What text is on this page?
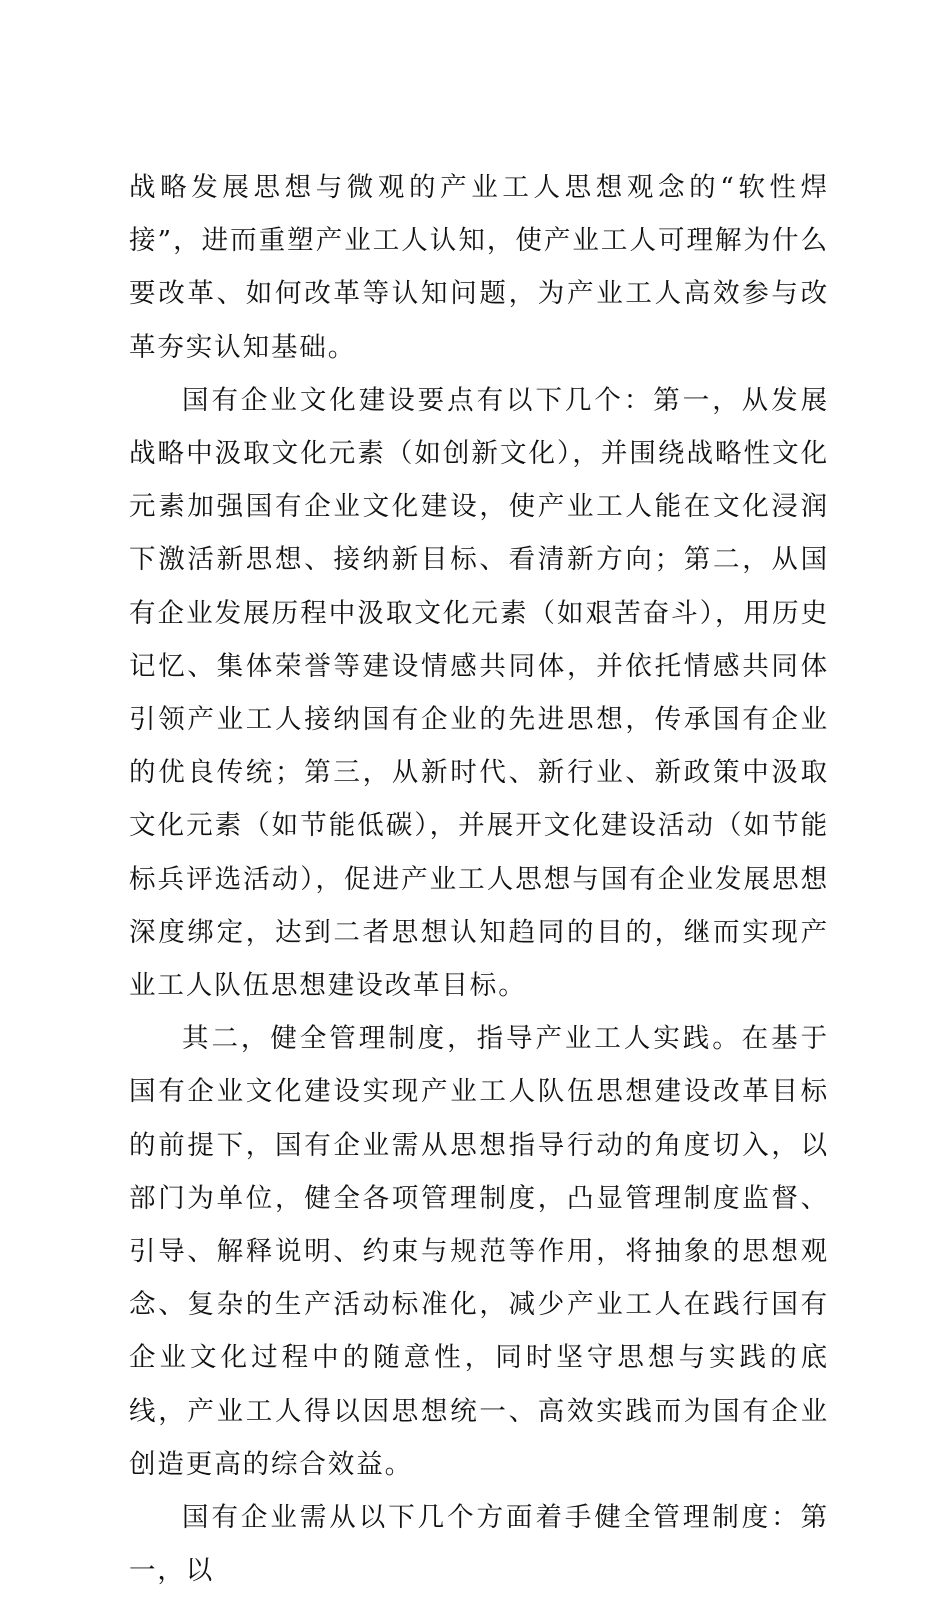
战略发展思想与微观的产业工人思想观念的“软性焊接”，进而重塑产业工人认知，使产业工人可理解为什么要改革、如何改革等认知问题，为产业工人高效参与改革夯实认知基础。

国有企业文化建设要点有以下几个：第一，从发展战略中汲取文化元素（如创新文化），并围绕战略性文化元素加强国有企业文化建设，使产业工人能在文化浸润下激活新思想、接纳新目标、看清新方向；第二，从国有企业发展历程中汲取文化元素（如艰苦奋斗），用历史记忆、集体荣誉等建设情感共同体，并依托情感共同体引领产业工人接纳国有企业的先进思想，传承国有企业的优良传统；第三，从新时代、新行业、新政策中汲取文化元素（如节能低碳），并展开文化建设活动（如节能标兵评选活动），促进产业工人思想与国有企业发展思想深度绑定，达到二者思想认知趋同的目的，继而实现产业工人队伍思想建设改革目标。

其二，健全管理制度，指导产业工人实践。在基于国有企业文化建设实现产业工人队伍思想建设改革目标的前提下，国有企业需从思想指导行动的角度切入，以部门为单位，健全各项管理制度，凸显管理制度监督、引导、解释说明、约束与规范等作用，将抽象的思想观念、复杂的生产活动标准化，减少产业工人在践行国有企业文化过程中的随意性，同时坚守思想与实践的底线，产业工人得以因思想统一、高效实践而为国有企业创造更高的综合效益。

国有企业需从以下几个方面着手健全管理制度：第一，以
